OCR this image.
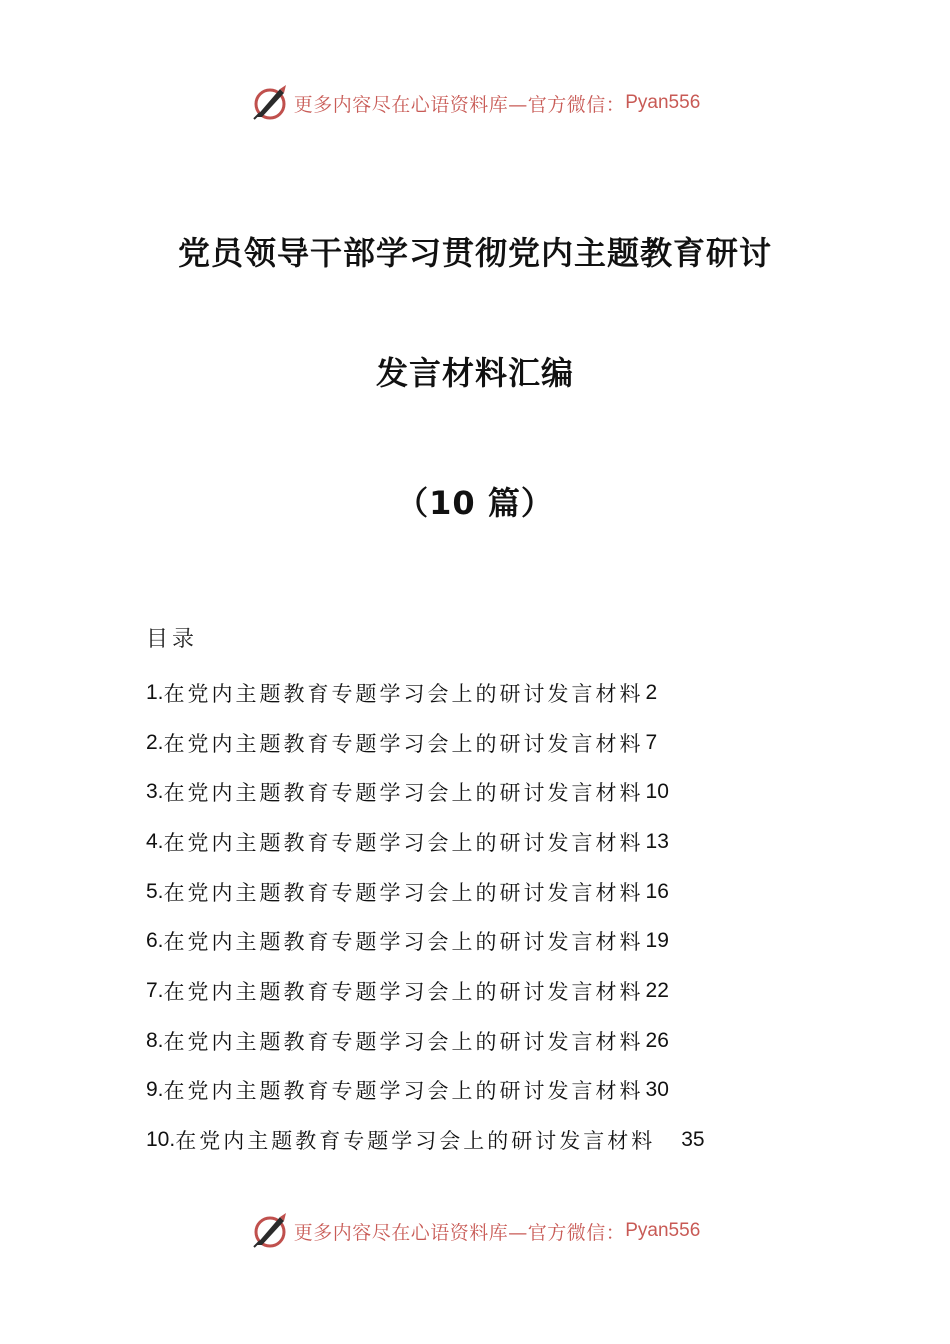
更多内容尽在心语资料库—官方微信： Pyan556
党员领导干部学习贯彻党内主题教育研讨
发言材料汇编
（10 篇）
目录
1. 在党内主题教育专题学习会上的研讨发言材料 2
2. 在党内主题教育专题学习会上的研讨发言材料 7
3. 在党内主题教育专题学习会上的研讨发言材料 10
4. 在党内主题教育专题学习会上的研讨发言材料 13
5. 在党内主题教育专题学习会上的研讨发言材料 16
6. 在党内主题教育专题学习会上的研讨发言材料 19
7. 在党内主题教育专题学习会上的研讨发言材料 22
8. 在党内主题教育专题学习会上的研讨发言材料 26
9. 在党内主题教育专题学习会上的研讨发言材料 30
10. 在党内主题教育专题学习会上的研讨发言材料 35
更多内容尽在心语资料库—官方微信： Pyan556
